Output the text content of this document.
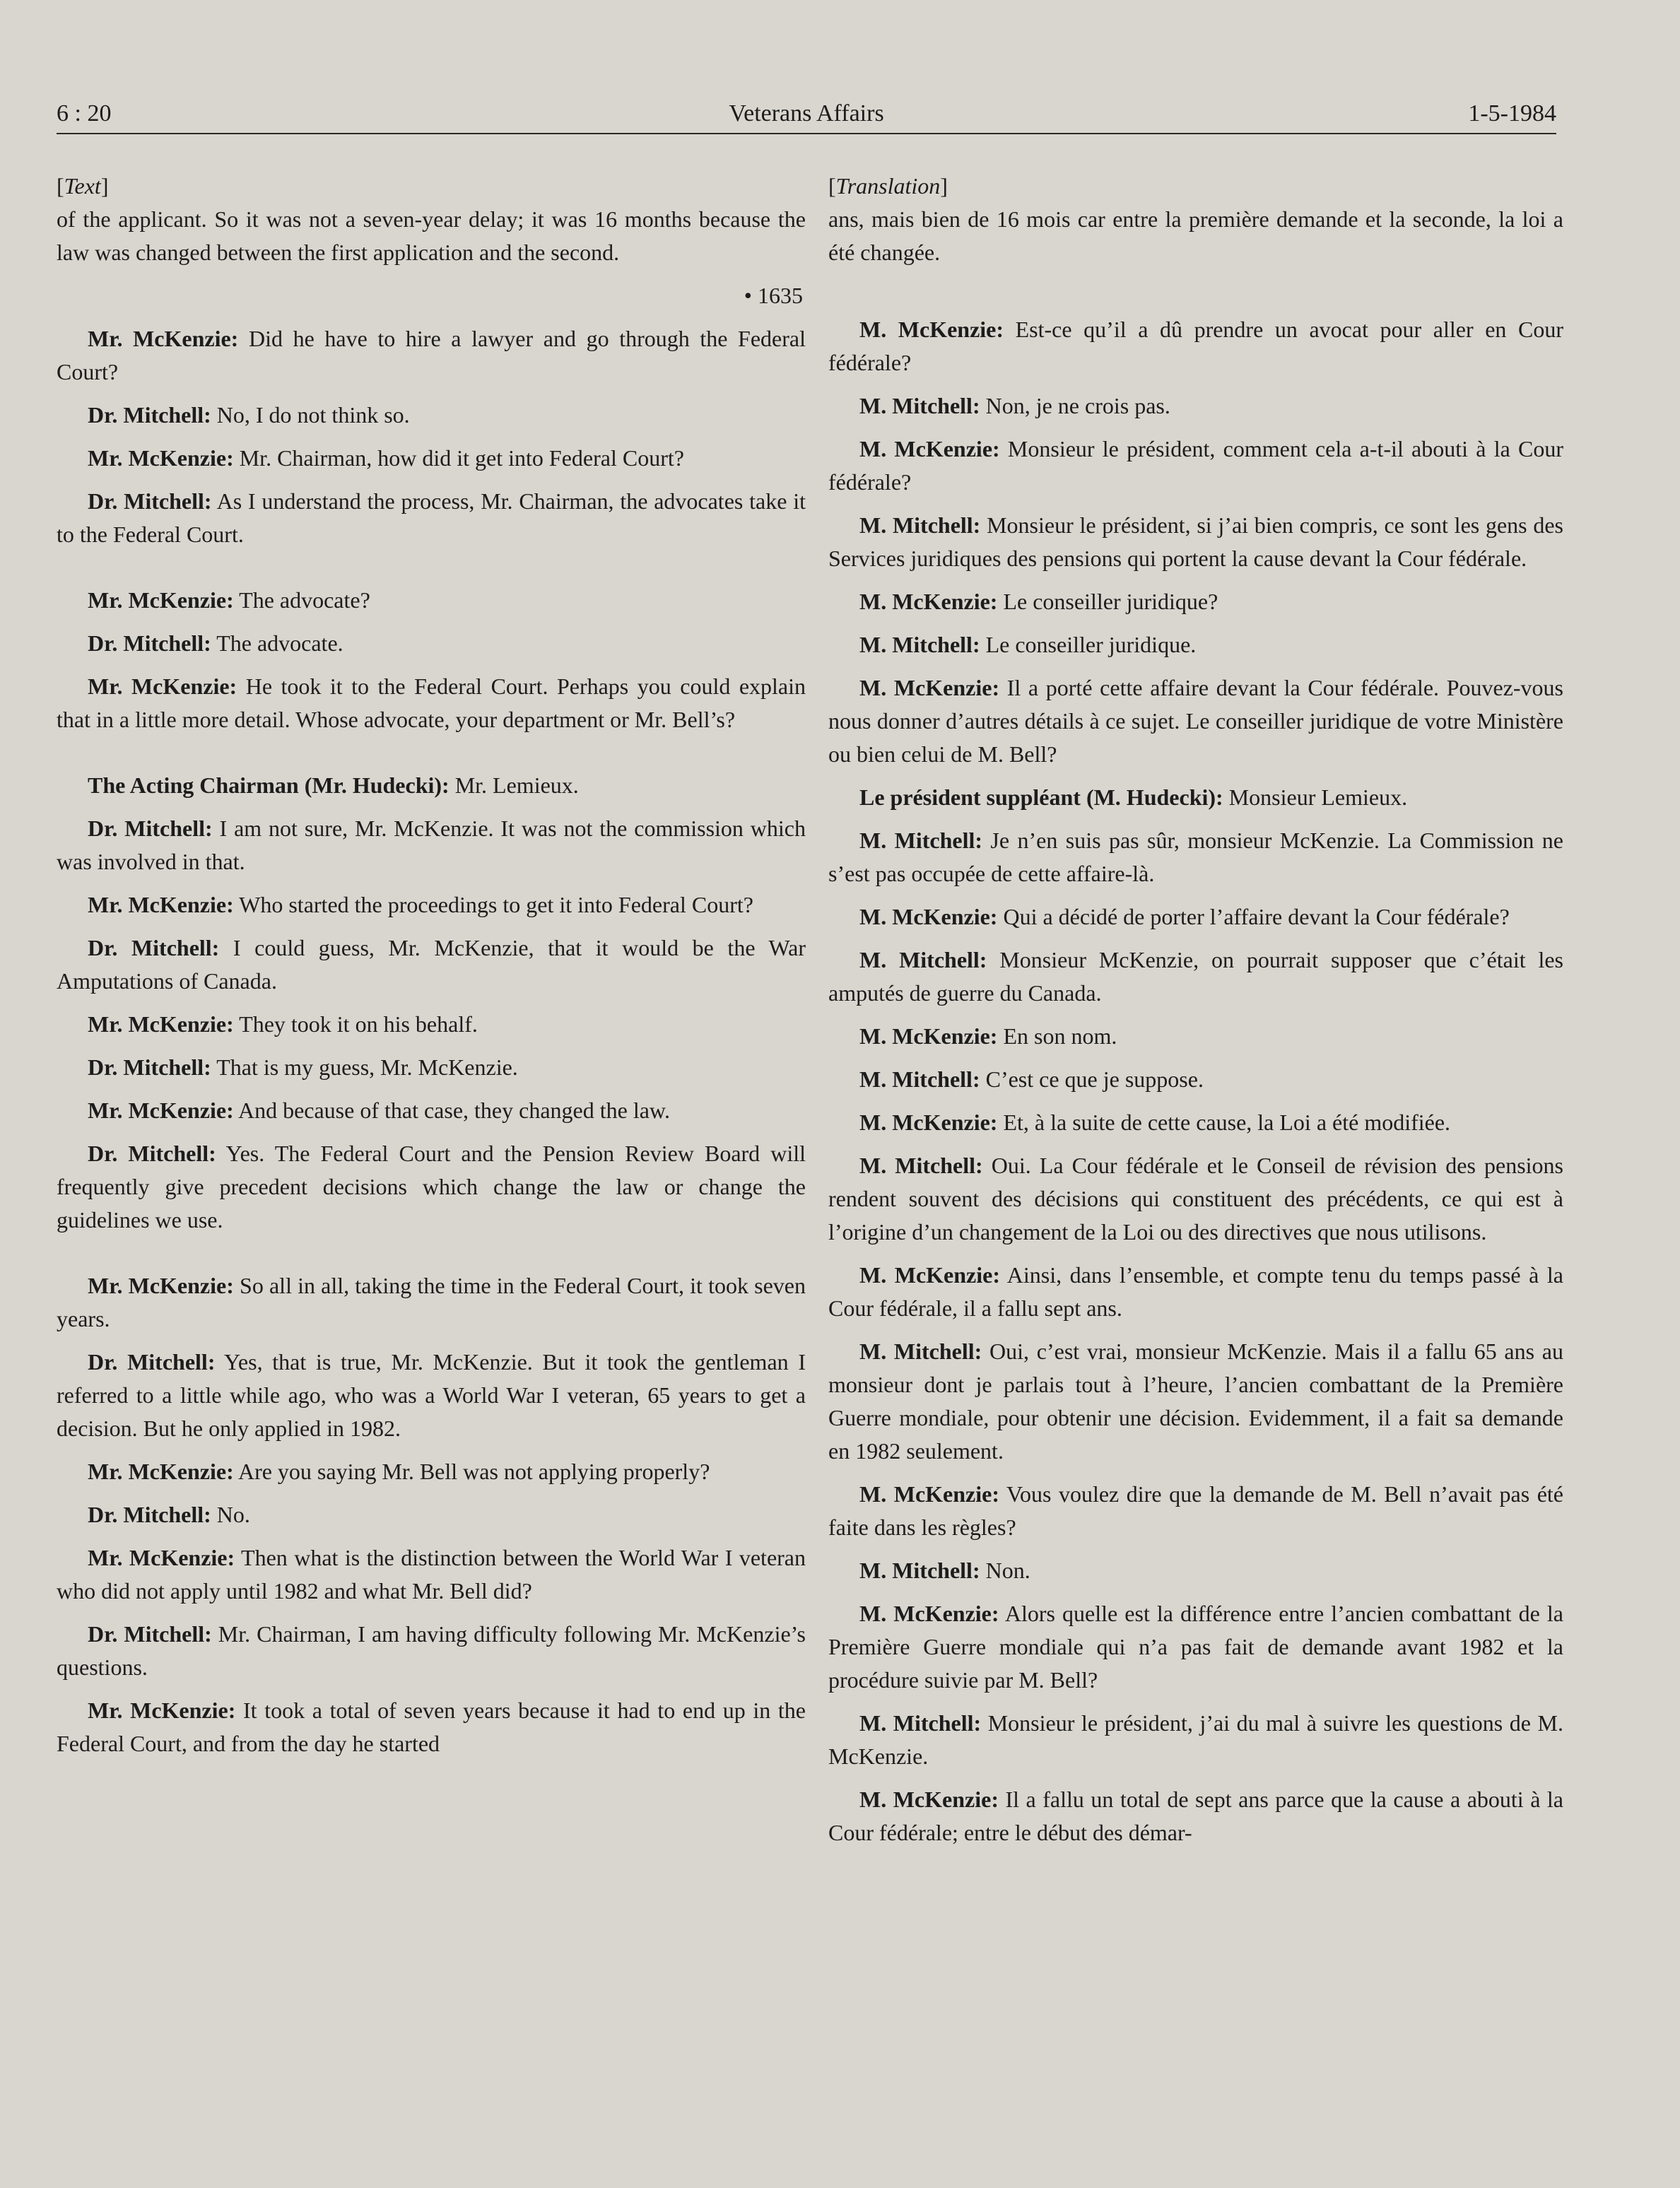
6 : 20	Veterans Affairs	1-5-1984
[Text]

of the applicant. So it was not a seven-year delay; it was 16 months because the law was changed between the first application and the second.

• 1635

Mr. McKenzie: Did he have to hire a lawyer and go through the Federal Court?

Dr. Mitchell: No, I do not think so.

Mr. McKenzie: Mr. Chairman, how did it get into Federal Court?

Dr. Mitchell: As I understand the process, Mr. Chairman, the advocates take it to the Federal Court.

Mr. McKenzie: The advocate?

Dr. Mitchell: The advocate.

Mr. McKenzie: He took it to the Federal Court. Perhaps you could explain that in a little more detail. Whose advocate, your department or Mr. Bell’s?

The Acting Chairman (Mr. Hudecki): Mr. Lemieux.

Dr. Mitchell: I am not sure, Mr. McKenzie. It was not the commission which was involved in that.

Mr. McKenzie: Who started the proceedings to get it into Federal Court?

Dr. Mitchell: I could guess, Mr. McKenzie, that it would be the War Amputations of Canada.

Mr. McKenzie: They took it on his behalf.

Dr. Mitchell: That is my guess, Mr. McKenzie.

Mr. McKenzie: And because of that case, they changed the law.

Dr. Mitchell: Yes. The Federal Court and the Pension Review Board will frequently give precedent decisions which change the law or change the guidelines we use.

Mr. McKenzie: So all in all, taking the time in the Federal Court, it took seven years.

Dr. Mitchell: Yes, that is true, Mr. McKenzie. But it took the gentleman I referred to a little while ago, who was a World War I veteran, 65 years to get a decision. But he only applied in 1982.

Mr. McKenzie: Are you saying Mr. Bell was not applying properly?

Dr. Mitchell: No.

Mr. McKenzie: Then what is the distinction between the World War I veteran who did not apply until 1982 and what Mr. Bell did?

Dr. Mitchell: Mr. Chairman, I am having difficulty following Mr. McKenzie’s questions.

Mr. McKenzie: It took a total of seven years because it had to end up in the Federal Court, and from the day he started

[Translation]

ans, mais bien de 16 mois car entre la première demande et la seconde, la loi a été changée.

M. McKenzie: Est-ce qu’il a dû prendre un avocat pour aller en Cour fédérale?

M. Mitchell: Non, je ne crois pas.

M. McKenzie: Monsieur le président, comment cela a-t-il abouti à la Cour fédérale?

M. Mitchell: Monsieur le président, si j’ai bien compris, ce sont les gens des Services juridiques des pensions qui portent la cause devant la Cour fédérale.

M. McKenzie: Le conseiller juridique?

M. Mitchell: Le conseiller juridique.

M. McKenzie: Il a porté cette affaire devant la Cour fédérale. Pouvez-vous nous donner d’autres détails à ce sujet. Le conseiller juridique de votre Ministère ou bien celui de M. Bell?

Le président suppléant (M. Hudecki): Monsieur Lemieux.

M. Mitchell: Je n’en suis pas sûr, monsieur McKenzie. La Commission ne s’est pas occupée de cette affaire-là.

M. McKenzie: Qui a décidé de porter l’affaire devant la Cour fédérale?

M. Mitchell: Monsieur McKenzie, on pourrait supposer que c’était les amputés de guerre du Canada.

M. McKenzie: En son nom.

M. Mitchell: C’est ce que je suppose.

M. McKenzie: Et, à la suite de cette cause, la Loi a été modifiée.

M. Mitchell: Oui. La Cour fédérale et le Conseil de révision des pensions rendent souvent des décisions qui constituent des précédents, ce qui est à l’origine d’un changement de la Loi ou des directives que nous utilisons.

M. McKenzie: Ainsi, dans l’ensemble, et compte tenu du temps passé à la Cour fédérale, il a fallu sept ans.

M. Mitchell: Oui, c’est vrai, monsieur McKenzie. Mais il a fallu 65 ans au monsieur dont je parlais tout à l’heure, l’ancien combattant de la Première Guerre mondiale, pour obtenir une décision. Evidemment, il a fait sa demande en 1982 seulement.

M. McKenzie: Vous voulez dire que la demande de M. Bell n’avait pas été faite dans les règles?

M. Mitchell: Non.

M. McKenzie: Alors quelle est la différence entre l’ancien combattant de la Première Guerre mondiale qui n’a pas fait de demande avant 1982 et la procédure suivie par M. Bell?

M. Mitchell: Monsieur le président, j’ai du mal à suivre les questions de M. McKenzie.

M. McKenzie: Il a fallu un total de sept ans parce que la cause a abouti à la Cour fédérale; entre le début des démar-
